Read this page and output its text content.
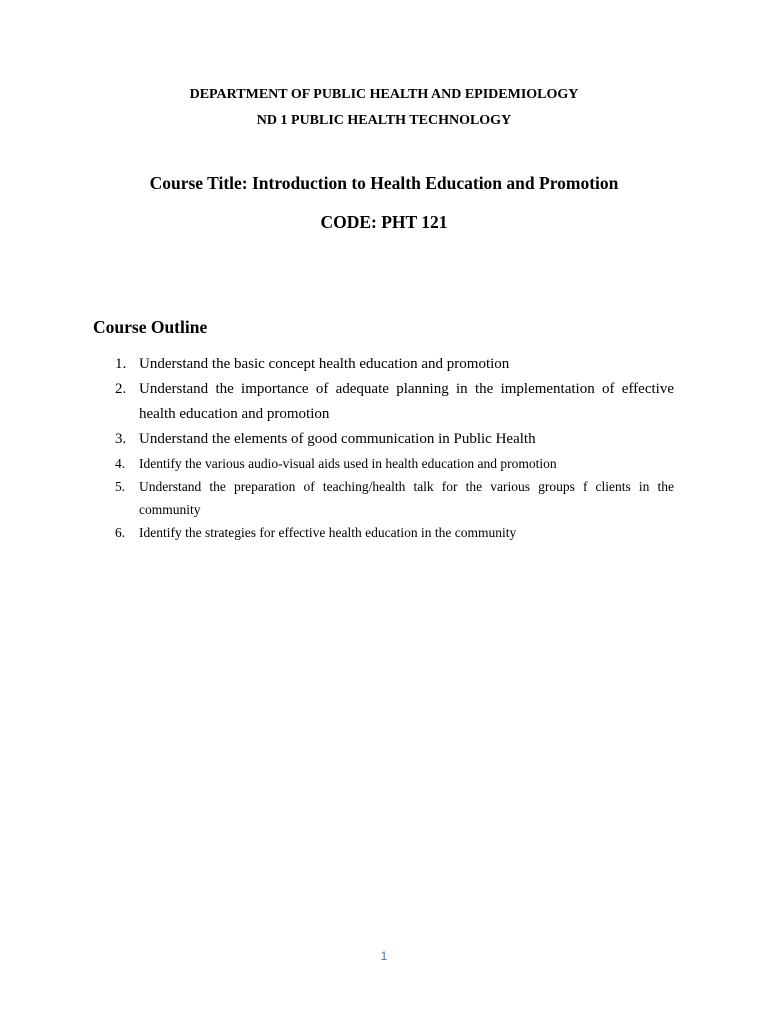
DEPARTMENT OF PUBLIC HEALTH AND EPIDEMIOLOGY
ND 1 PUBLIC HEALTH TECHNOLOGY
Course Title: Introduction to Health Education and Promotion
CODE: PHT 121
Course Outline
1. Understand the basic concept health education and promotion
2. Understand the importance of adequate planning in the implementation of effective health education and promotion
3. Understand the elements of good communication in Public Health
4.	Identify the various audio-visual aids used in health education and promotion
5.	Understand the preparation of teaching/health talk for the various groups f clients in the community
6.	Identify the strategies for effective health education in the community
1
